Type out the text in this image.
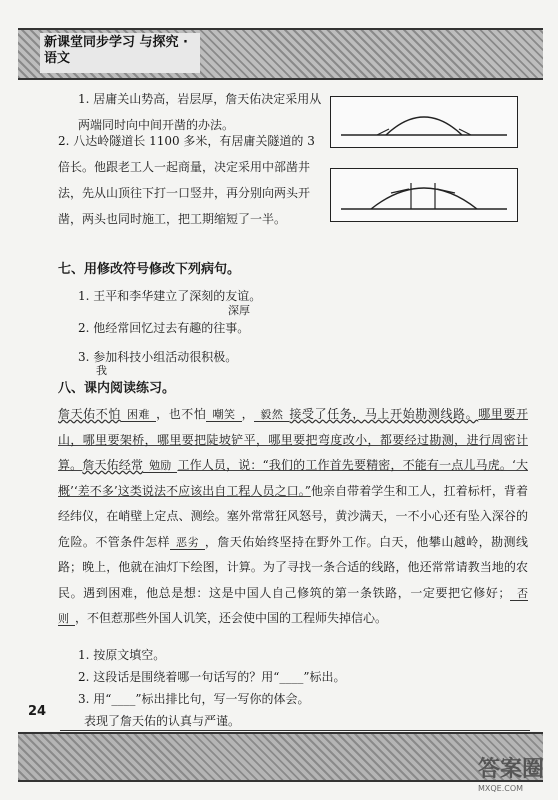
新课堂同步学习 与探究 · 语文
1. 居庸关山势高，岩层厚，詹天佑决定采用从两端同时向中间开凿的办法。
2. 八达岭隧道长 1100 多米，有居庸关隧道的 3 倍长。他跟老工人一起商量，决定采用中部凿井法，先从山顶往下打一口竖井，再分别向两头开凿，两头也同时施工，把工期缩短了一半。
七、用修改符号修改下列病句。
1. 王平和李华建立了深刻的友谊。
深厚
2. 他经常回忆过去有趣的往事。
3. 参加科技小组活动很积极。
我
八、课内阅读练习。
詹天佑不怕 困难 ，也不怕 嘲笑 ， 毅然 接受了任务，马上开始勘测线路。哪里要开山，哪里要架桥，哪里要把陡坡铲平，哪里要把弯度改小，都要经过勘测，进行周密计算。詹天佑经常 勉励 工作人员，说：“我们的工作首先要精密，不能有一点儿马虎。‘大概’‘差不多’这类说法不应该出自工程人员之口。”他亲自带着学生和工人，扛着标杆，背着经纬仪，在峭壁上定点、测绘。塞外常常狂风怒号，黄沙满天，一不小心还有坠入深谷的危险。不管条件怎样 恶劣 ，詹天佑始终坚持在野外工作。白天，他攀山越岭，勘测线路；晚上，他就在油灯下绘图，计算。为了寻找一条合适的线路，他还常常请教当地的农民。遇到困难，他总是想：这是中国人自己修筑的第一条铁路，一定要把它修好； 否则 ，不但惹那些外国人讥笑，还会使中国的工程师失掉信心。
1. 按原文填空。
2. 这段话是围绕着哪一句话写的？用“____”标出。
3. 用“____”标出排比句，写一写你的体会。
24
表现了詹天佑的认真与严谨。
答案圈
MXQE.COM
